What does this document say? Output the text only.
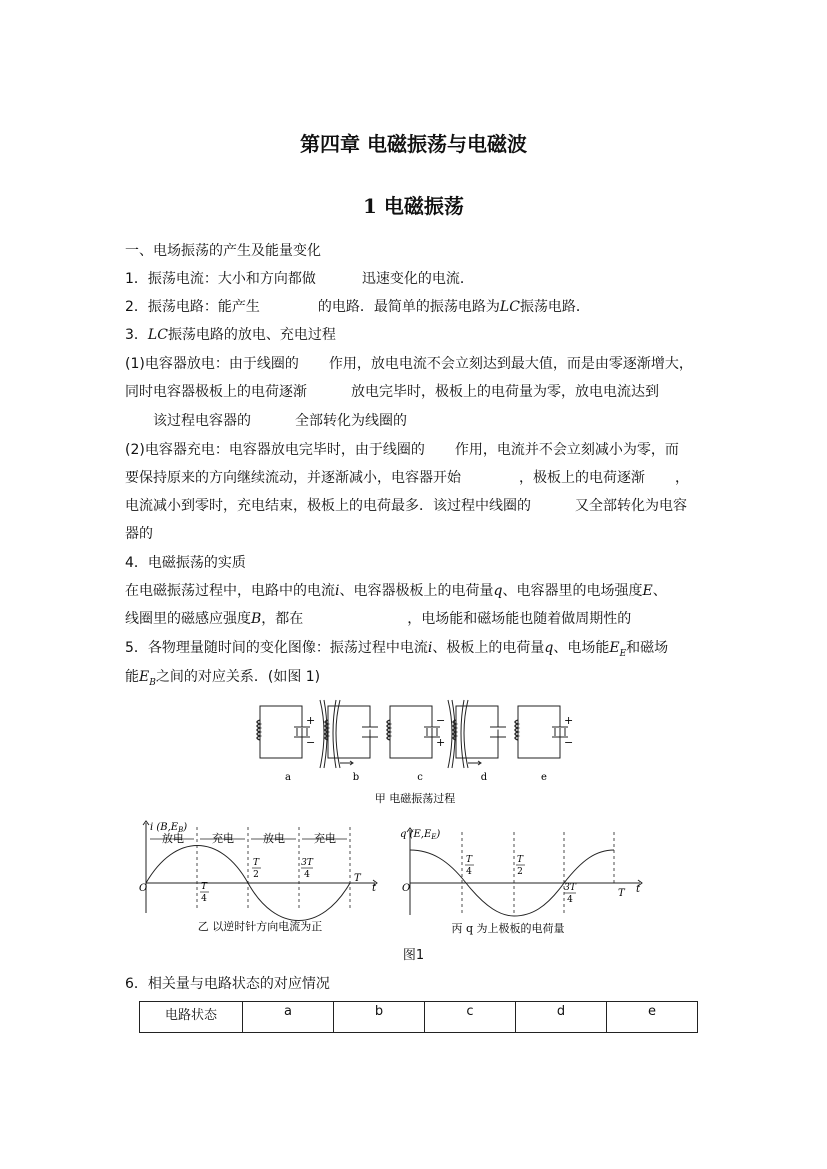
第四章 电磁振荡与电磁波
1 电磁振荡
一、电场振荡的产生及能量变化
1．振荡电流：大小和方向都做	迅速变化的电流．
2．振荡电路：能产生	的电路．最简单的振荡电路为LC振荡电路．
3．LC振荡电路的放电、充电过程
(1)电容器放电：由于线圈的 作用，放电电流不会立刻达到最大值，而是由零逐渐增大，
同时电容器极板上的电荷逐渐	放电完毕时，极板上的电荷量为零，放电电流达到
该过程电容器的	全部转化为线圈的
(2)电容器充电：电容器放电完毕时，由于线圈的 作用，电流并不会立刻减小为零，而
要保持原来的方向继续流动，并逐渐减小，电容器开始	，极板上的电荷逐渐 ，
电流减小到零时，充电结束，极板上的电荷最多．该过程中线圈的	又全部转化为电容
器的
4．电磁振荡的实质
在电磁振荡过程中，电路中的电流i、电容器极板上的电荷量q、电容器里的电场强度E、
线圈里的磁感应强度B，都在	，电场能和磁场能也随着做周期性的
5．各物理量随时间的变化图像：振荡过程中电流i、极板上的电荷量q、电场能$E_E$和磁场
能$E_B$之间的对应关系．(如图 1)
+
−
−
+
+
−
a	b	c	d	e
甲 电磁振荡过程
i $(B,E_B)$
放电	充电	放电	充电
O	T
4
T
2
3T
4	T
t
乙 以逆时针方向电流为正
q $(E,E_E)$
O
T
4
T
2
3T
4
T t
丙 q 为上极板的电荷量
图1
6．相关量与电路状态的对应情况
电路状态	a	b	c	d	e
